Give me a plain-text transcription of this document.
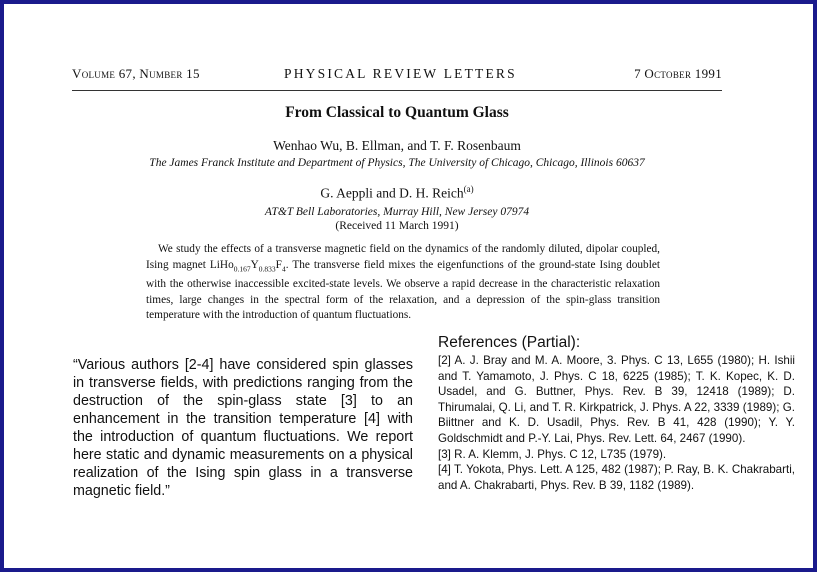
Volume 67, Number 15	PHYSICAL REVIEW LETTERS	7 October 1991
From Classical to Quantum Glass
Wenhao Wu, B. Ellman, and T. F. Rosenbaum
The James Franck Institute and Department of Physics, The University of Chicago, Chicago, Illinois 60637
G. Aeppli and D. H. Reich$^{(a)}$
AT&T Bell Laboratories, Murray Hill, New Jersey 07974
(Received 11 March 1991)
We study the effects of a transverse magnetic field on the dynamics of the randomly diluted, dipolar coupled, Ising magnet $LiHo_{0.167}Y_{0.833}F_4$. The transverse field mixes the eigenfunctions of the ground-state Ising doublet with the otherwise inaccessible excited-state levels. We observe a rapid decrease in the characteristic relaxation times, large changes in the spectral form of the relaxation, and a depression of the spin-glass transition temperature with the introduction of quantum fluctuations.
“Various authors [2-4] have considered spin glasses in transverse fields, with predictions ranging from the destruction of the spin-glass state [3] to an enhancement in the transition temperature [4] with the introduction of quantum fluctuations. We report here static and dynamic measurements on a physical realization of the Ising spin glass in a transverse magnetic field.”
References (Partial):
[2] A. J. Bray and M. A. Moore, 3. Phys. C 13, L655 (1980); H. Ishii and T. Yamamoto, J. Phys. C 18, 6225 (1985); T. K. Kopec, K. D. Usadel, and G. Buttner, Phys. Rev. B 39, 12418 (1989); D. Thirumalai, Q. Li, and T. R. Kirkpatrick, J. Phys. A 22, 3339 (1989); G. Biittner and K. D. Usadil, Phys. Rev. B 41, 428 (1990); Y. Y. Goldschmidt and P.-Y. Lai, Phys. Rev. Lett. 64, 2467 (1990).
[3] R. A. Klemm, J. Phys. C 12, L735 (1979).
[4] T. Yokota, Phys. Lett. A 125, 482 (1987); P. Ray, B. K. Chakrabarti, and A. Chakrabarti, Phys. Rev. B 39, 1182 (1989).
